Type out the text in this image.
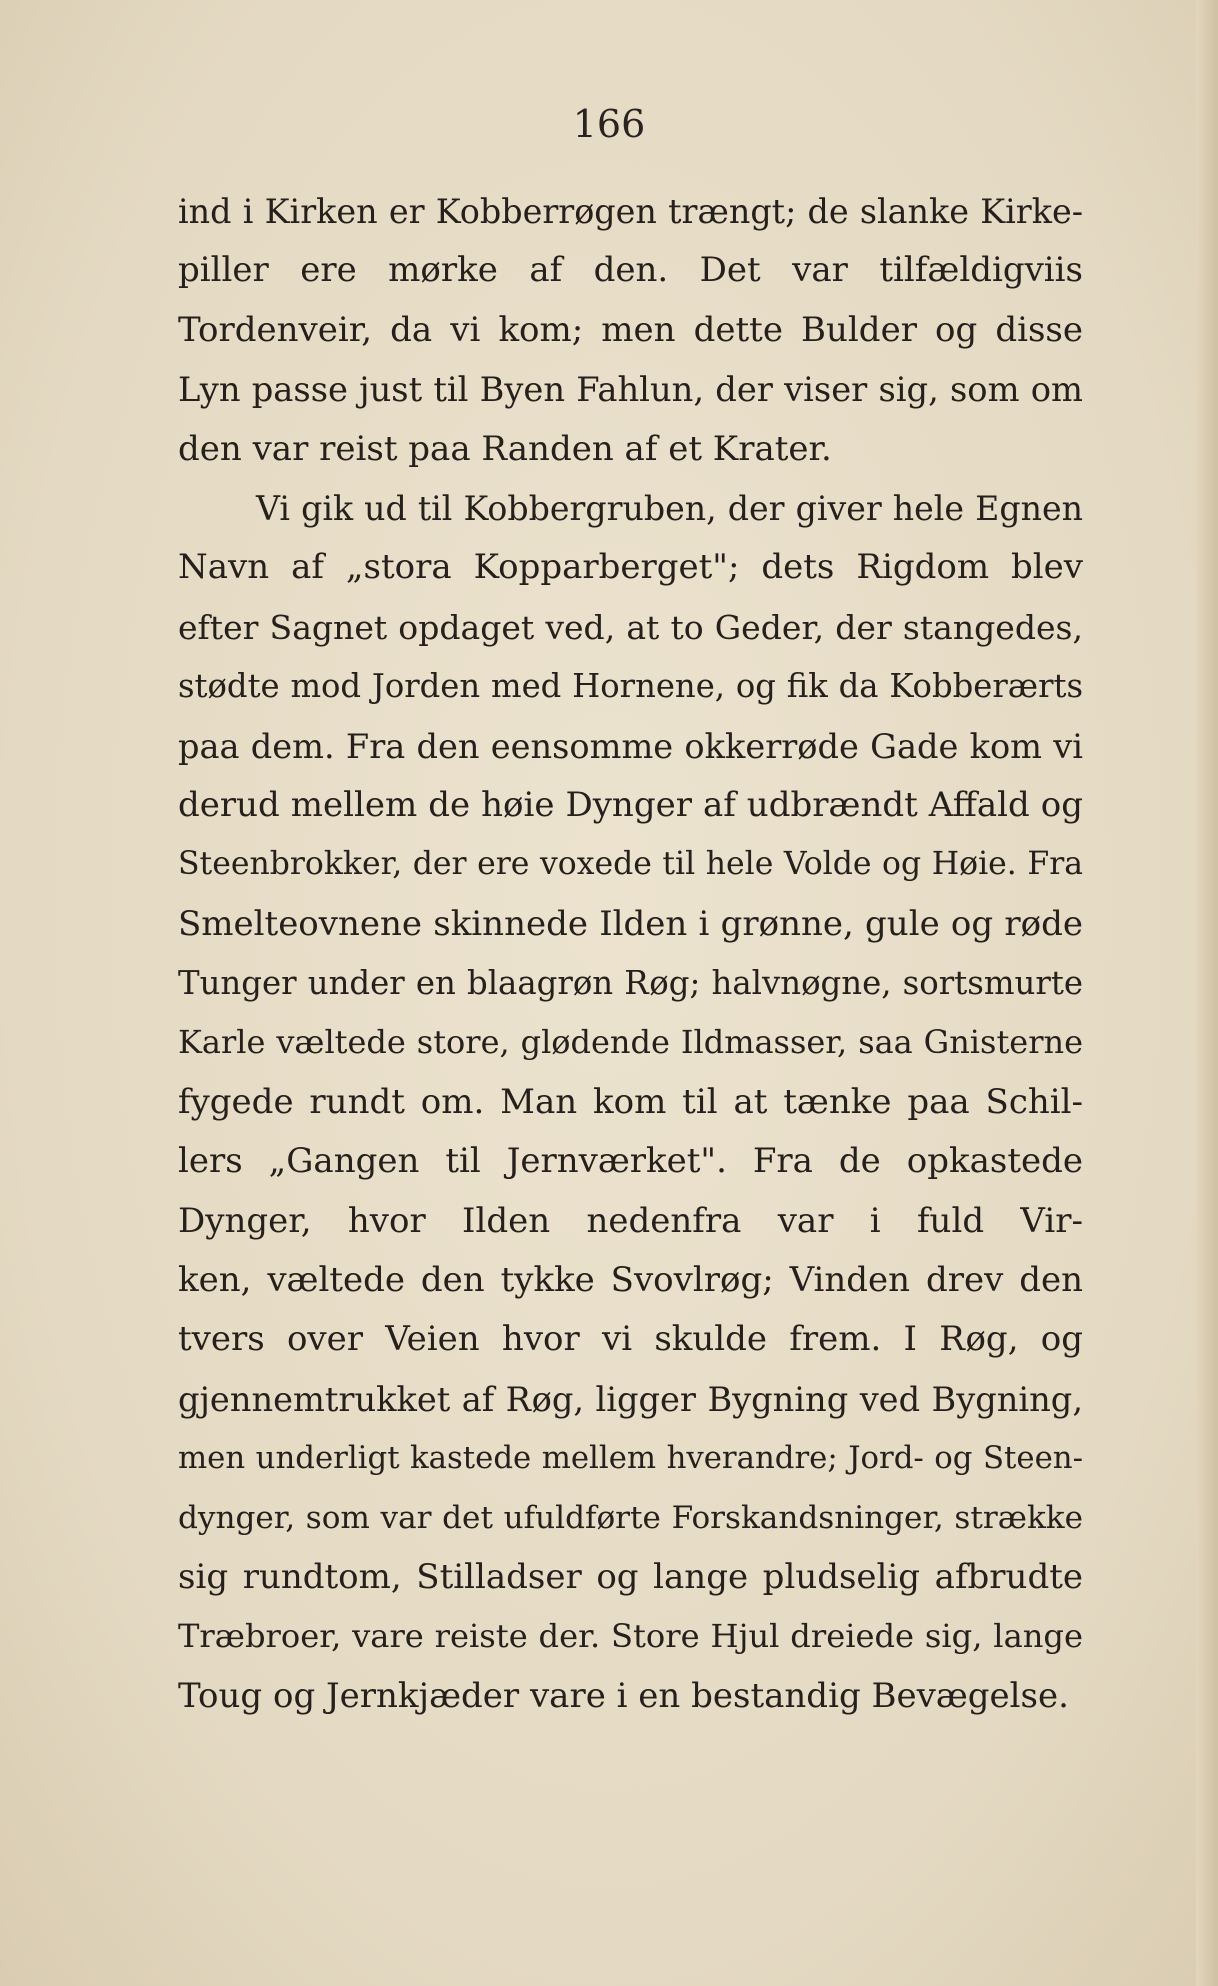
166
ind i Kirken er Kobberrøgen trængt; de slanke Kirke-
piller ere mørke af den. Det var tilfældigviis
Tordenveir, da vi kom; men dette Bulder og disse
Lyn passe just til Byen Fahlun, der viser sig, som om
den var reist paa Randen af et Krater.
Vi gik ud til Kobbergruben, der giver hele Egnen
Navn af „stora Kopparberget"; dets Rigdom blev
efter Sagnet opdaget ved, at to Geder, der stangedes,
stødte mod Jorden med Hornene, og fik da Kobberærts
paa dem. Fra den eensomme okkerrøde Gade kom vi
derud mellem de høie Dynger af udbrændt Affald og
Steenbrokker, der ere voxede til hele Volde og Høie. Fra
Smelteovnene skinnede Ilden i grønne, gule og røde
Tunger under en blaagrøn Røg; halvnøgne, sortsmurte
Karle væltede store, glødende Ildmasser, saa Gnisterne
fygede rundt om. Man kom til at tænke paa Schil-
lers „Gangen til Jernværket". Fra de opkastede
Dynger, hvor Ilden nedenfra var i fuld Vir-
ken, væltede den tykke Svovlrøg; Vinden drev den
tvers over Veien hvor vi skulde frem. I Røg, og
gjennemtrukket af Røg, ligger Bygning ved Bygning,
men underligt kastede mellem hverandre; Jord- og Steen-
dynger, som var det ufuldførte Forskandsninger, strække
sig rundtom, Stilladser og lange pludselig afbrudte
Træbroer, vare reiste der. Store Hjul dreiede sig, lange
Toug og Jernkjæder vare i en bestandig Bevægelse.
